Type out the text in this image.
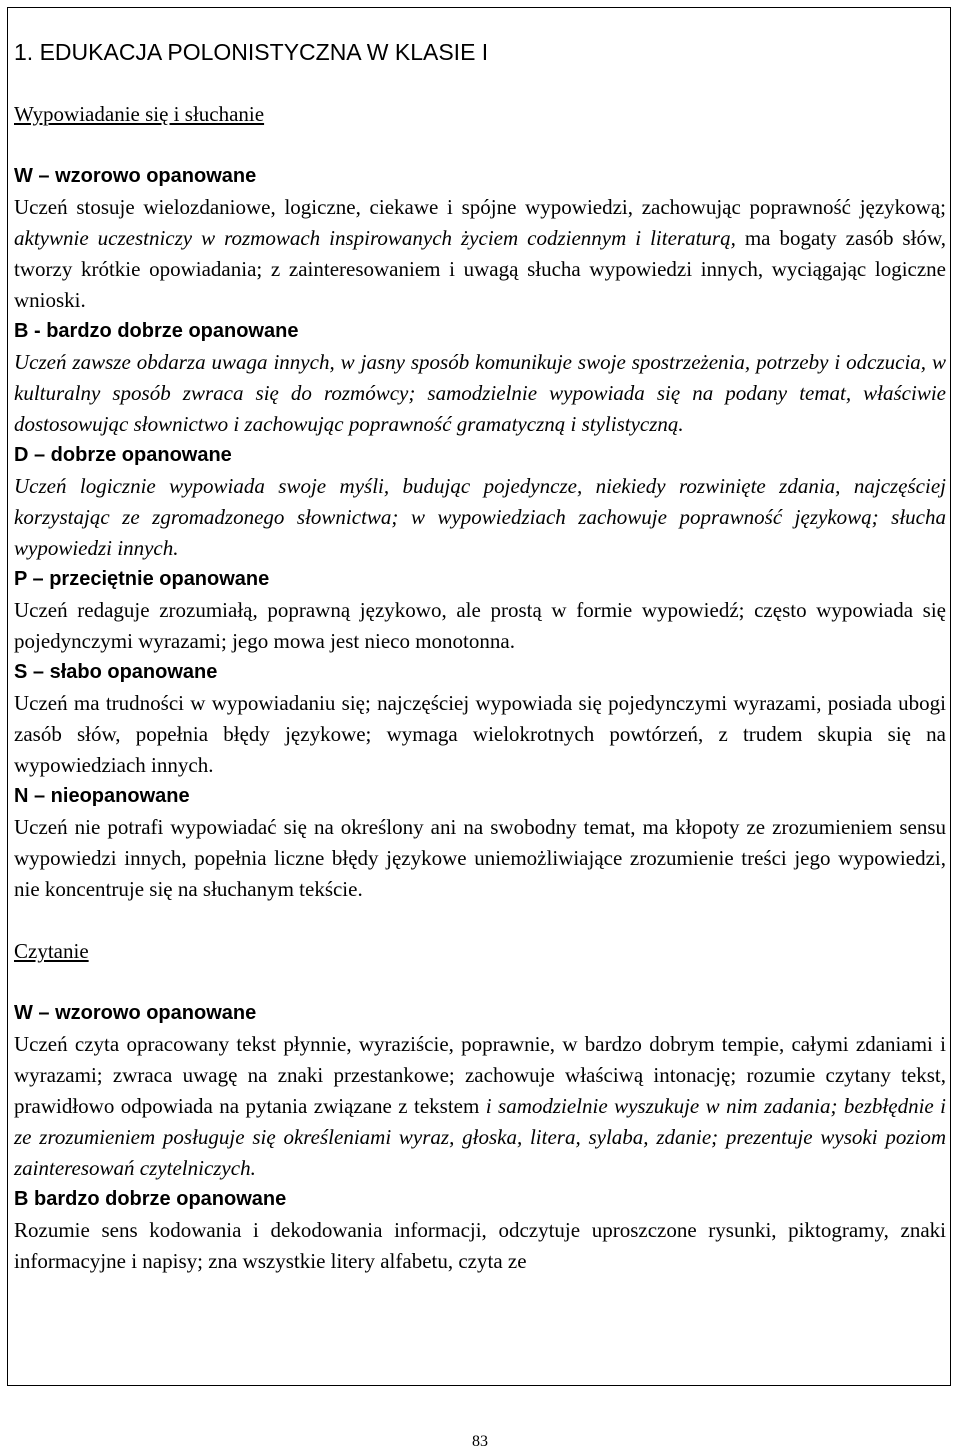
1. EDUKACJA POLONISTYCZNA W KLASIE I
Wypowiadanie się i słuchanie
W – wzorowo opanowane
Uczeń stosuje wielozdaniowe, logiczne, ciekawe i spójne wypowiedzi, zachowując poprawność językową; aktywnie uczestniczy w rozmowach inspirowanych życiem codziennym i literaturą, ma bogaty zasób słów, tworzy krótkie opowiadania; z zainteresowaniem i uwagą słucha wypowiedzi innych, wyciągając logiczne wnioski.
B - bardzo dobrze opanowane
Uczeń zawsze obdarza uwaga innych, w jasny sposób komunikuje swoje spostrzeżenia, potrzeby i odczucia, w kulturalny sposób zwraca się do rozmówcy; samodzielnie wypowiada się na podany temat, właściwie dostosowując słownictwo i zachowując poprawność gramatyczną i stylistyczną.
D – dobrze opanowane
Uczeń logicznie wypowiada swoje myśli, budując pojedyncze, niekiedy rozwinięte zdania, najczęściej korzystając ze zgromadzonego słownictwa; w wypowiedziach zachowuje poprawność językową; słucha wypowiedzi innych.
P – przeciętnie opanowane
Uczeń redaguje zrozumiałą, poprawną językowo, ale prostą w formie wypowiedź; często wypowiada się pojedynczymi wyrazami; jego mowa jest nieco monotonna.
S – słabo opanowane
Uczeń ma trudności w wypowiadaniu się; najczęściej wypowiada się pojedynczymi wyrazami, posiada ubogi zasób słów, popełnia błędy językowe; wymaga wielokrotnych powtórzeń, z trudem skupia się na wypowiedziach innych.
N – nieopanowane
Uczeń nie potrafi wypowiadać się na określony ani na swobodny temat, ma kłopoty ze zrozumieniem sensu wypowiedzi innych, popełnia liczne błędy językowe uniemożliwiające zrozumienie treści jego wypowiedzi, nie koncentruje się na słuchanym tekście.
Czytanie
W – wzorowo opanowane
Uczeń czyta opracowany tekst płynnie, wyraziście, poprawnie, w bardzo dobrym tempie, całymi zdaniami i wyrazami; zwraca uwagę na znaki przestankowe; zachowuje właściwą intonację; rozumie czytany tekst, prawidłowo odpowiada na pytania związane z tekstem i samodzielnie wyszukuje w nim zadania; bezbłędnie i ze zrozumieniem posługuje się określeniami wyraz, głoska, litera, sylaba, zdanie; prezentuje wysoki poziom zainteresowań czytelniczych.
B bardzo dobrze opanowane
Rozumie sens kodowania i dekodowania informacji, odczytuje uproszczone rysunki, piktogramy, znaki informacyjne i napisy; zna wszystkie litery alfabetu, czyta ze
83
